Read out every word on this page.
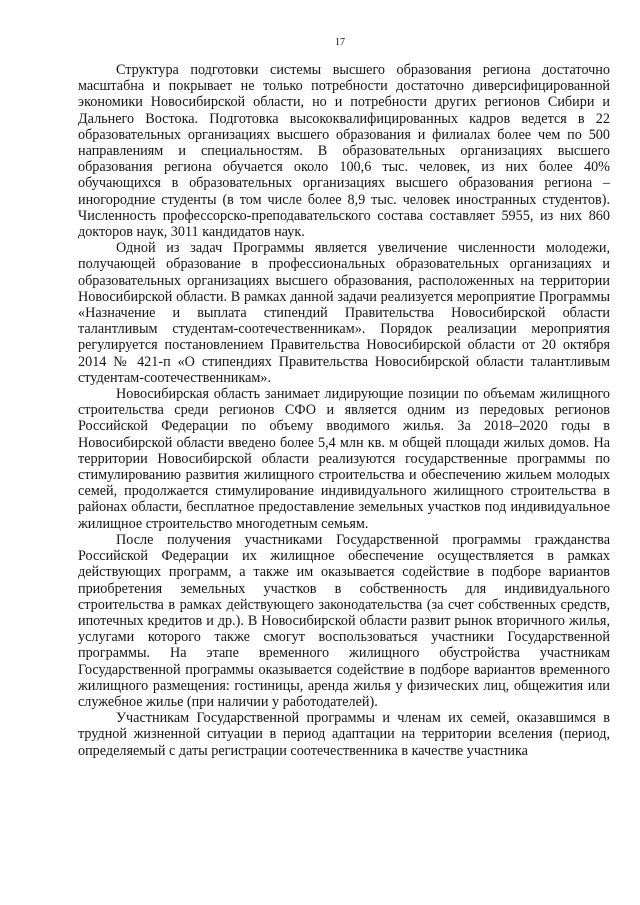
17

Структура подготовки системы высшего образования региона достаточно масштабна и покрывает не только потребности достаточно диверсифицированной экономики Новосибирской области, но и потребности других регионов Сибири и Дальнего Востока. Подготовка высококвалифицированных кадров ведется в 22 образовательных организациях высшего образования и филиалах более чем по 500 направлениям и специальностям. В образовательных организациях высшего образования региона обучается около 100,6 тыс. человек, из них более 40% обучающихся в образовательных организациях высшего образования региона – иногородние студенты (в том числе более 8,9 тыс. человек иностранных студентов). Численность профессорско-преподавательского состава составляет 5955, из них 860 докторов наук, 3011 кандидатов наук.

Одной из задач Программы является увеличение численности молодежи, получающей образование в профессиональных образовательных организациях и образовательных организациях высшего образования, расположенных на территории Новосибирской области. В рамках данной задачи реализуется мероприятие Программы «Назначение и выплата стипендий Правительства Новосибирской области талантливым студентам-соотечественникам». Порядок реализации мероприятия регулируется постановлением Правительства Новосибирской области от 20 октября 2014 № 421-п «О стипендиях Правительства Новосибирской области талантливым студентам-соотечественникам».

Новосибирская область занимает лидирующие позиции по объемам жилищного строительства среди регионов СФО и является одним из передовых регионов Российской Федерации по объему вводимого жилья. За 2018–2020 годы в Новосибирской области введено более 5,4 млн кв. м общей площади жилых домов. На территории Новосибирской области реализуются государственные программы по стимулированию развития жилищного строительства и обеспечению жильем молодых семей, продолжается стимулирование индивидуального жилищного строительства в районах области, бесплатное предоставление земельных участков под индивидуальное жилищное строительство многодетным семьям.

После получения участниками Государственной программы гражданства Российской Федерации их жилищное обеспечение осуществляется в рамках действующих программ, а также им оказывается содействие в подборе вариантов приобретения земельных участков в собственность для индивидуального строительства в рамках действующего законодательства (за счет собственных средств, ипотечных кредитов и др.). В Новосибирской области развит рынок вторичного жилья, услугами которого также смогут воспользоваться участники Государственной программы. На этапе временного жилищного обустройства участникам Государственной программы оказывается содействие в подборе вариантов временного жилищного размещения: гостиницы, аренда жилья у физических лиц, общежития или служебное жилье (при наличии у работодателей).

Участникам Государственной программы и членам их семей, оказавшимся в трудной жизненной ситуации в период адаптации на территории вселения (период, определяемый с даты регистрации соотечественника в качестве участника
